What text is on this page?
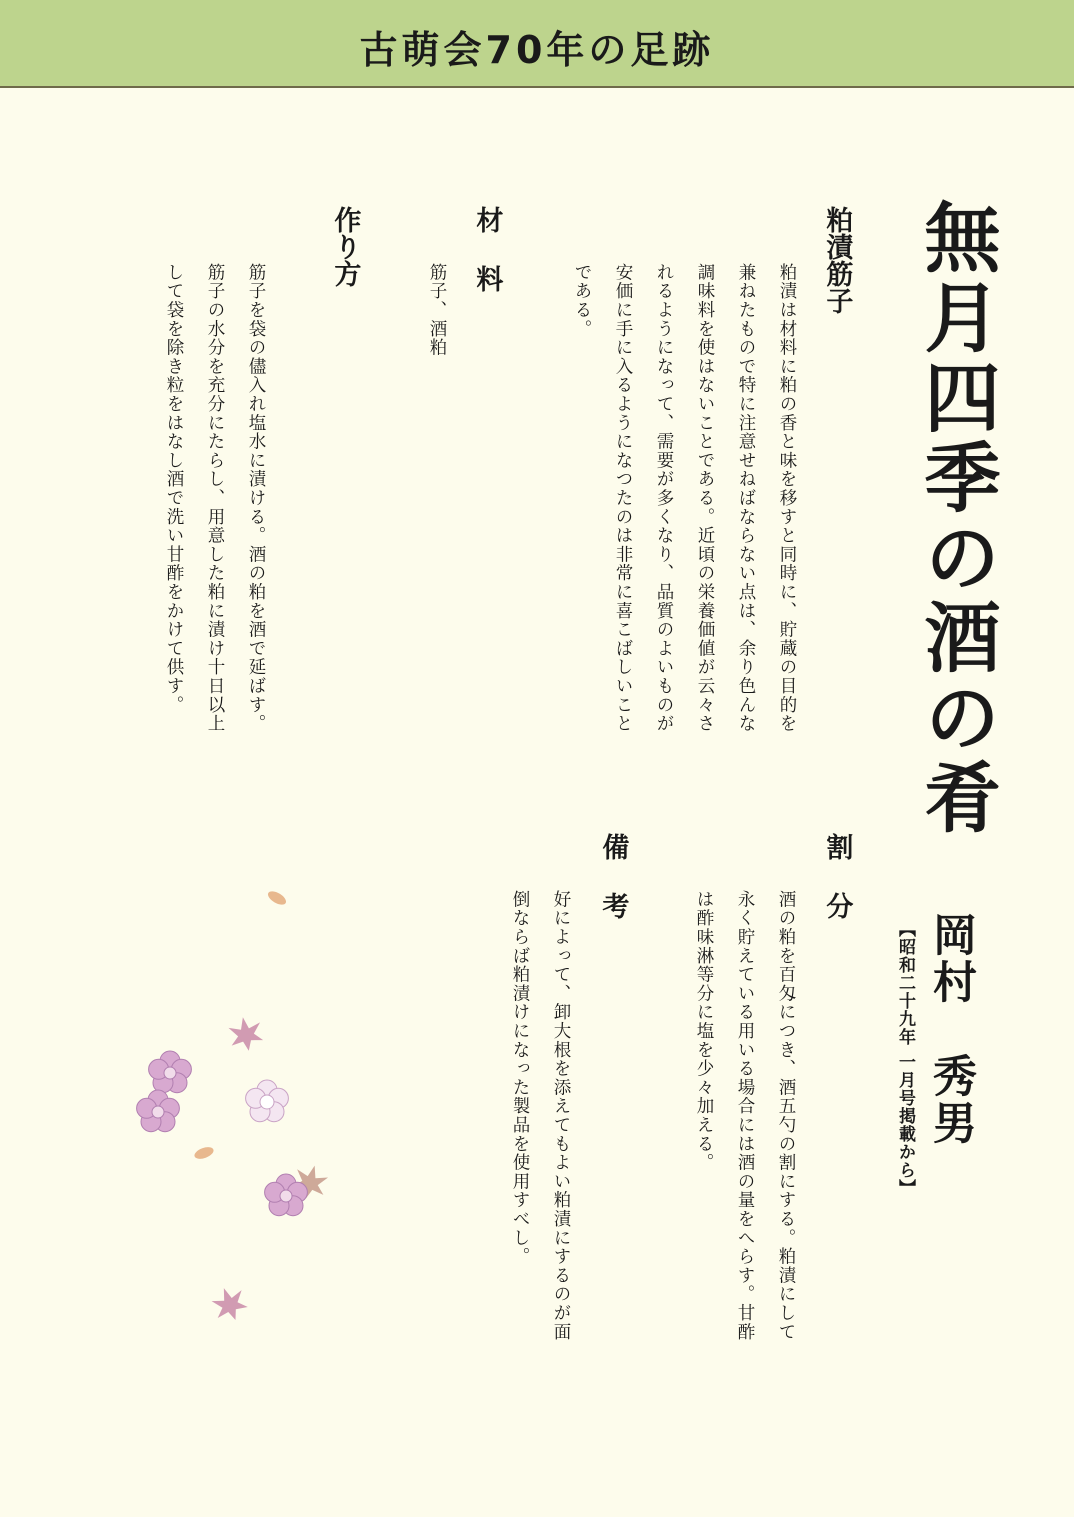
古萌会70年の足跡
無月四季の酒の肴
岡村　秀男
【昭和二十九年 一月号掲載から】
粕漬筋子

粕漬は材料に粕の香と味を移すと同時に、貯蔵の目的を兼ねたもので特に注意せねばならない点は、余り色んな調味料を使はないことである。近頃の栄養価値が云々されるようになって、需要が多くなり、品質のよいものが安価に手に入るようになつたのは非常に喜こばしいことである。

材料

筋子、酒粕

作り方

筋子を袋の儘入れ塩水に漬ける。酒の粕を酒で延ばす。筋子の水分を充分にたらし、用意した粕に漬け十日以上して袋を除き粒をはなし酒で洗い甘酢をかけて供す。

割分

酒の粕を百匁につき、酒五勺の割にする。粕漬にして永く貯えている用いる場合には酒の量をへらす。甘酢は酢味淋等分に塩を少々加える。

備考

好によって、卸大根を添えてもよい粕漬にするのが面倒ならば粕漬けになった製品を使用すべし。
